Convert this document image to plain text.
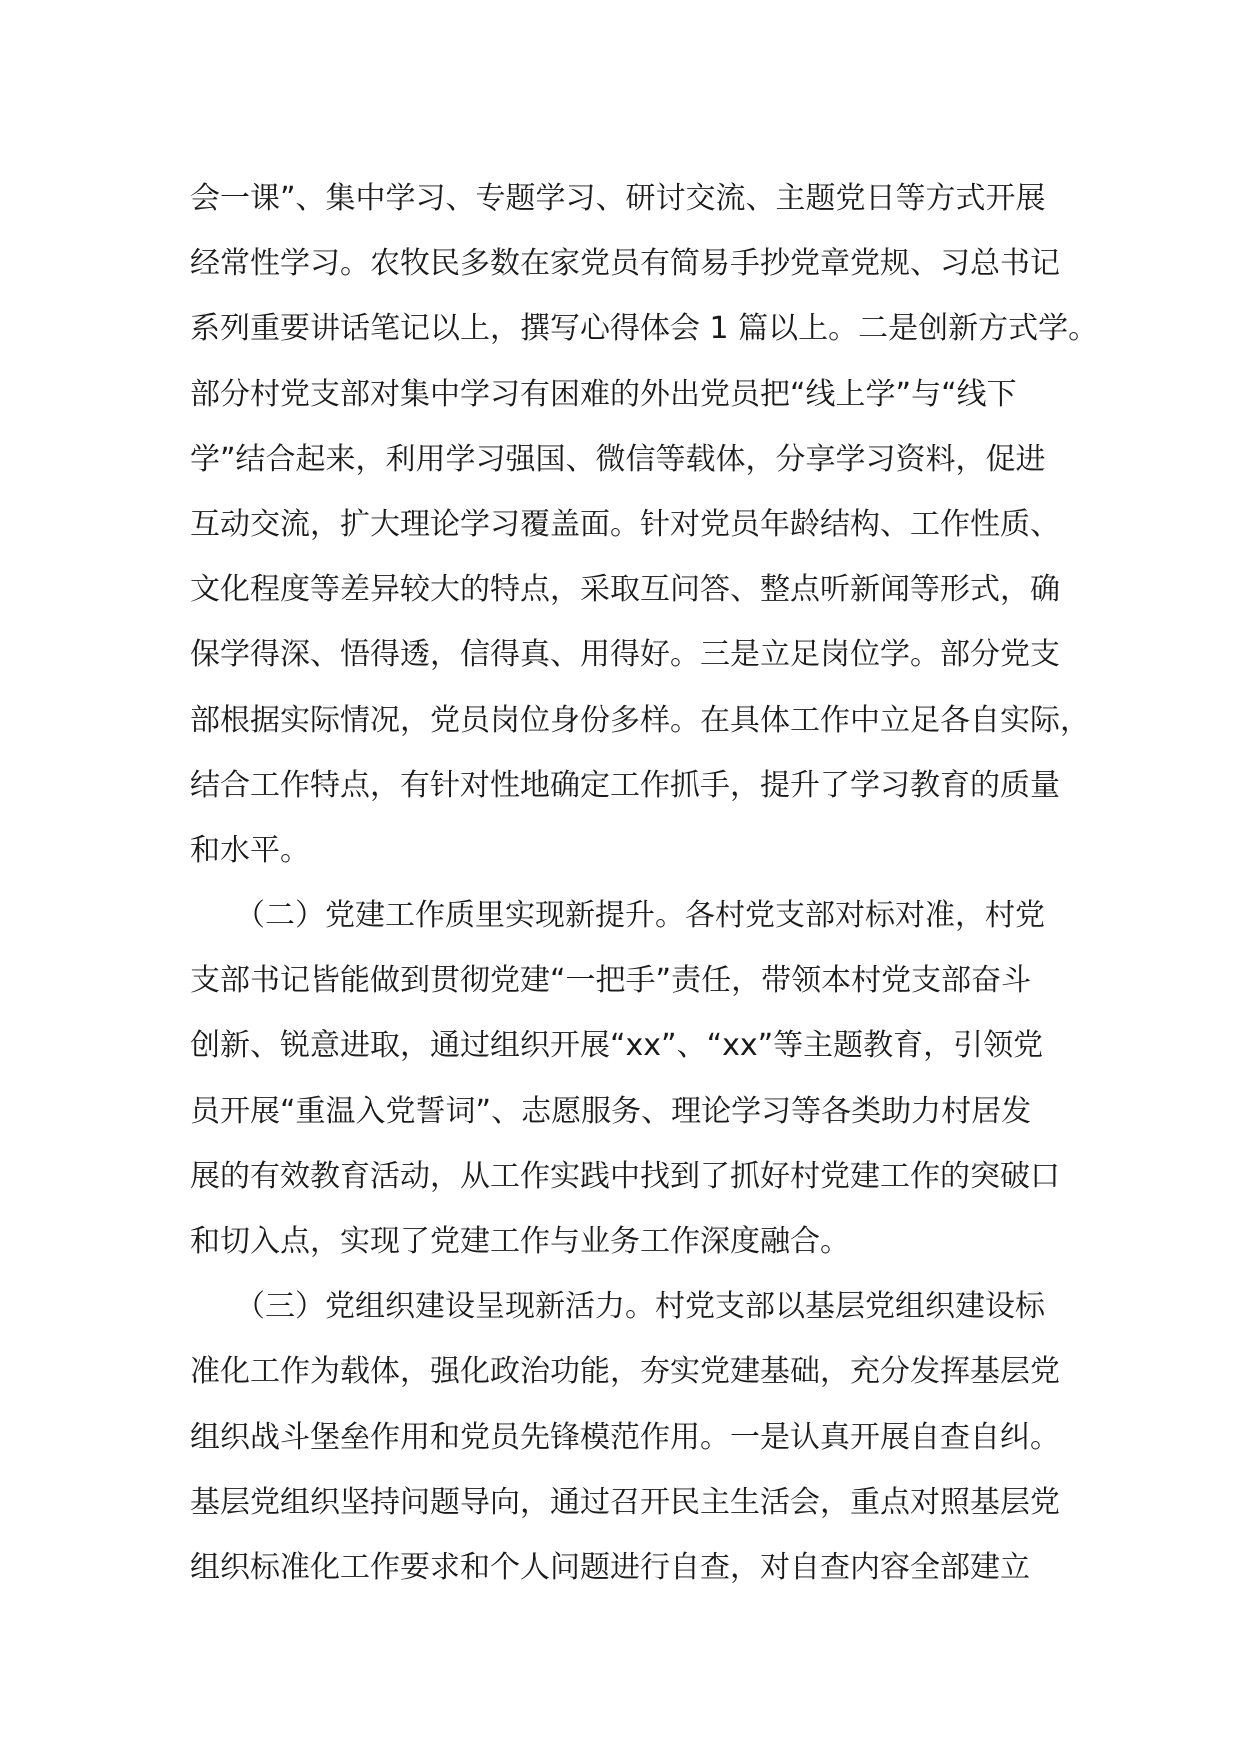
会一课”、集中学习、专题学习、研讨交流、主题党日等方式开展
经常性学习。农牧民多数在家党员有简易手抄党章党规、习总书记
系列重要讲话笔记以上，撰写心得体会 1 篇以上。二是创新方式学。
部分村党支部对集中学习有困难的外出党员把“线上学”与“线下
学”结合起来，利用学习强国、微信等载体，分享学习资料，促进
互动交流，扩大理论学习覆盖面。针对党员年龄结构、工作性质、
文化程度等差异较大的特点，采取互问答、整点听新闻等形式，确
保学得深、悟得透，信得真、用得好。三是立足岗位学。部分党支
部根据实际情况，党员岗位身份多样。在具体工作中立足各自实际，
结合工作特点，有针对性地确定工作抓手，提升了学习教育的质量
和水平。
　　（二）党建工作质里实现新提升。各村党支部对标对准，村党
支部书记皆能做到贯彻党建“一把手”责任，带领本村党支部奋斗
创新、锐意进取，通过组织开展“xx”、“xx”等主题教育，引领党
员开展“重温入党誓词”、志愿服务、理论学习等各类助力村居发
展的有效教育活动，从工作实践中找到了抓好村党建工作的突破口
和切入点，实现了党建工作与业务工作深度融合。
　　（三）党组织建设呈现新活力。村党支部以基层党组织建设标
准化工作为载体，强化政治功能，夯实党建基础，充分发挥基层党
组织战斗堡垒作用和党员先锋模范作用。一是认真开展自查自纠。
基层党组织坚持问题导向，通过召开民主生活会，重点对照基层党
组织标准化工作要求和个人问题进行自查，对自查内容全部建立
